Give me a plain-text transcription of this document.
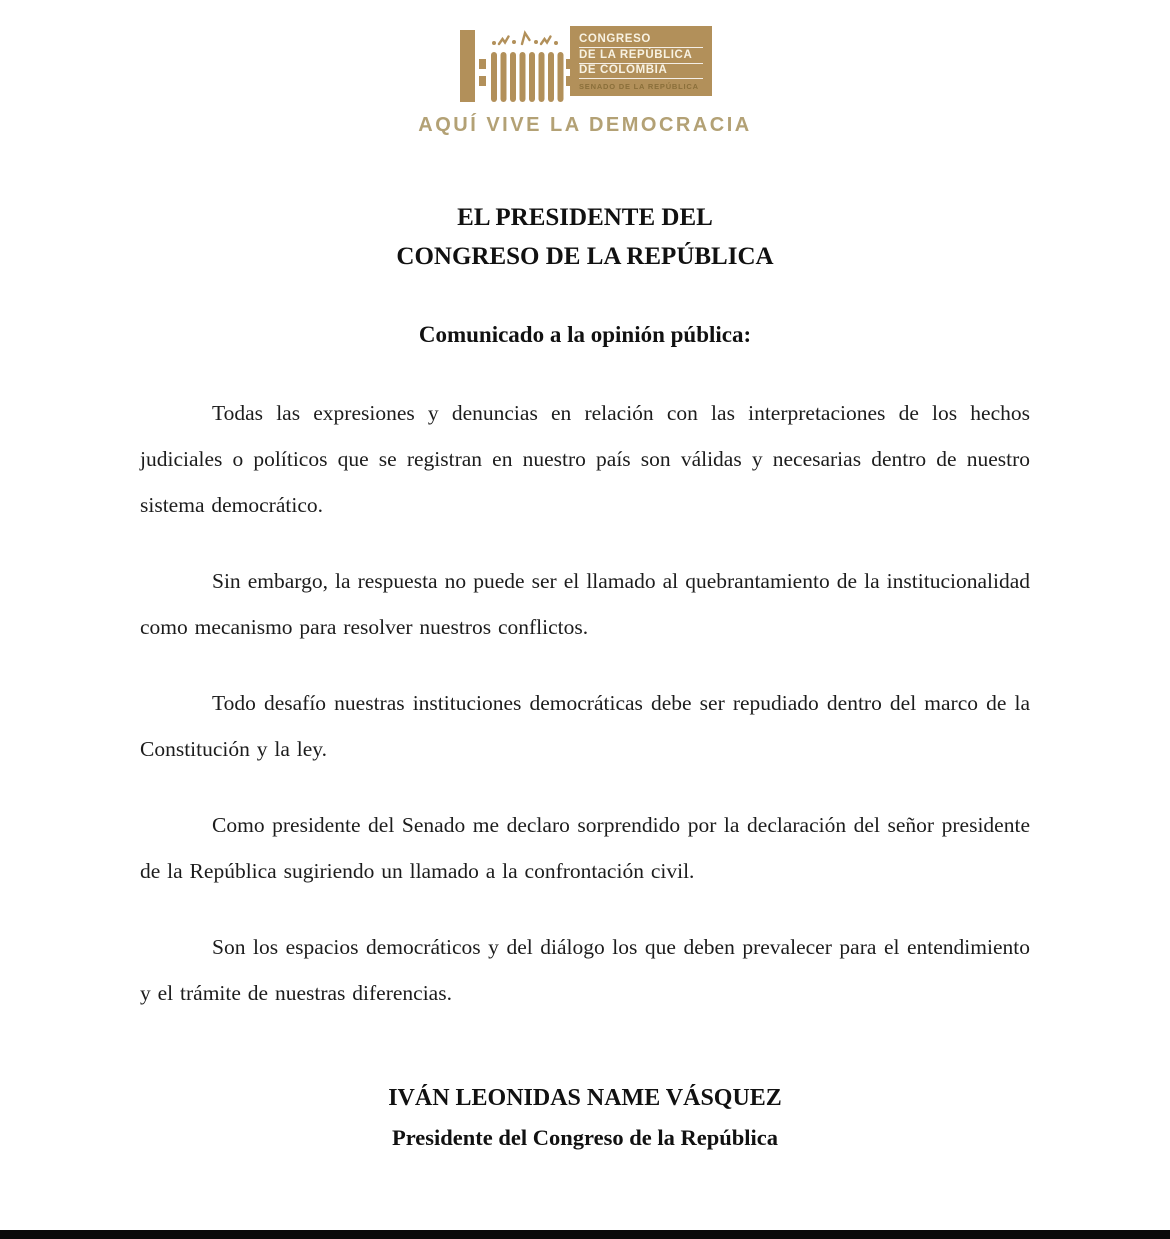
CONGRESO
DE LA REPÚBLICA
DE COLOMBIA
SENADO DE LA REPÚBLICA
AQUÍ VIVE LA DEMOCRACIA
EL PRESIDENTE DEL
CONGRESO DE LA REPÚBLICA
Comunicado a la opinión pública:

Todas las expresiones y denuncias en relación con las interpretaciones de los hechos judiciales o políticos que se registran en nuestro país son válidas y necesarias dentro de nuestro sistema democrático.

Sin embargo, la respuesta no puede ser el llamado al quebrantamiento de la institucionalidad como mecanismo para resolver nuestros conflictos.

Todo desafío nuestras instituciones democráticas debe ser repudiado dentro del marco de la Constitución y la ley.

Como presidente del Senado me declaro sorprendido por la declaración del señor presidente de la República sugiriendo un llamado a la confrontación civil.

Son los espacios democráticos y del diálogo los que deben prevalecer para el entendimiento y el trámite de nuestras diferencias.

IVÁN LEONIDAS NAME VÁSQUEZ
Presidente del Congreso de la República
